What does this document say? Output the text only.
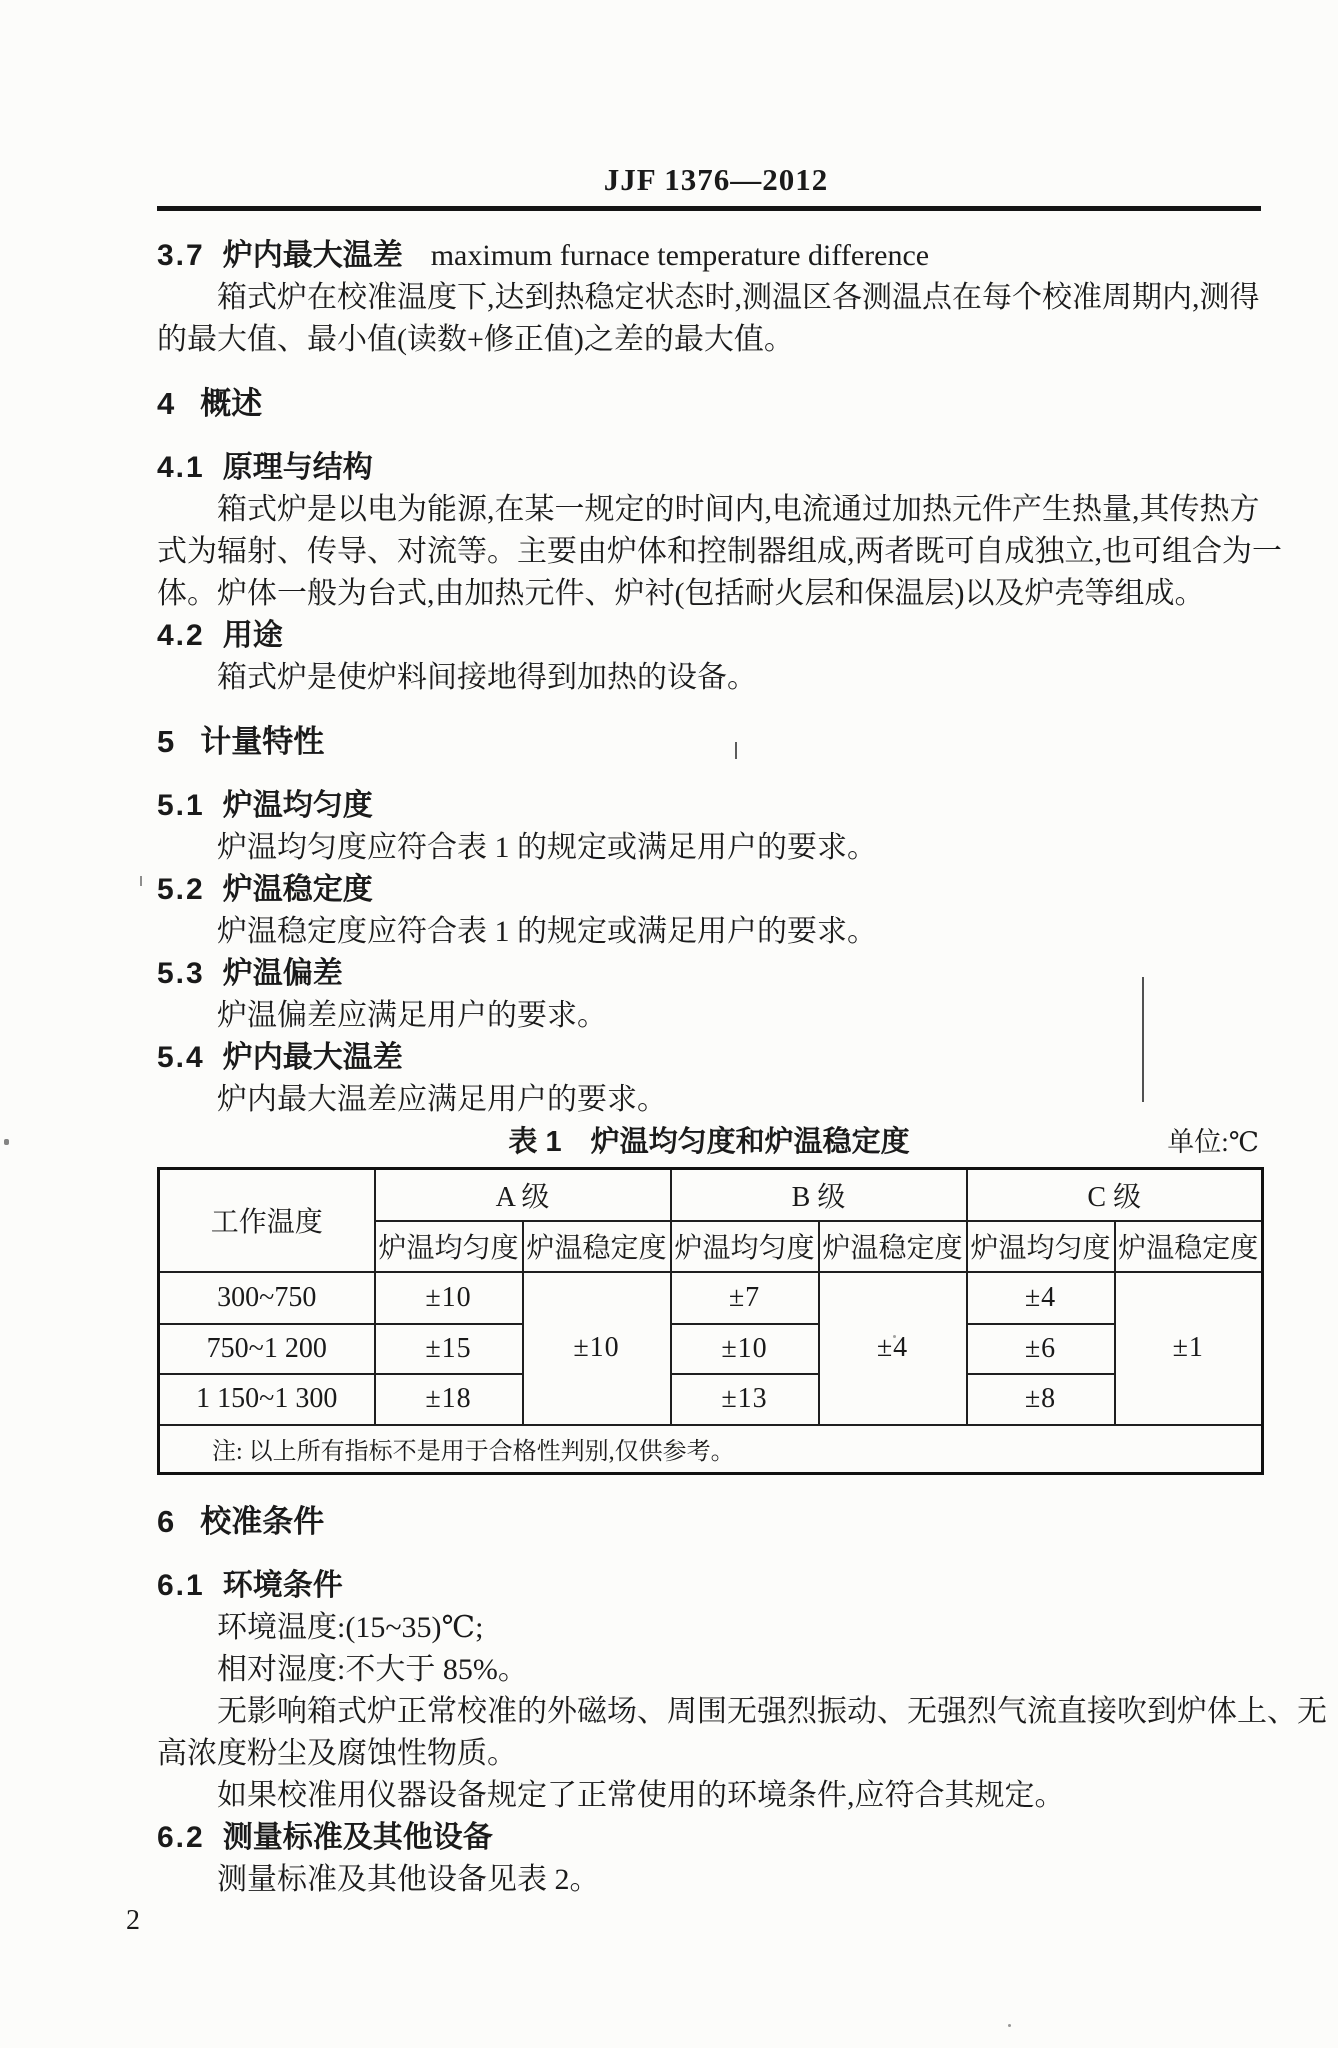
JJF 1376—2012
3.7 炉内最大温差 maximum furnace temperature difference
箱式炉在校准温度下,达到热稳定状态时,测温区各测温点在每个校准周期内,测得
的最大值、最小值(读数+修正值)之差的最大值。
4 概述
4.1 原理与结构
箱式炉是以电为能源,在某一规定的时间内,电流通过加热元件产生热量,其传热方
式为辐射、传导、对流等。主要由炉体和控制器组成,两者既可自成独立,也可组合为一
体。炉体一般为台式,由加热元件、炉衬(包括耐火层和保温层)以及炉壳等组成。
4.2 用途
箱式炉是使炉料间接地得到加热的设备。
5 计量特性
5.1 炉温均匀度
炉温均匀度应符合表 1 的规定或满足用户的要求。
5.2 炉温稳定度
炉温稳定度应符合表 1 的规定或满足用户的要求。
5.3 炉温偏差
炉温偏差应满足用户的要求。
5.4 炉内最大温差
炉内最大温差应满足用户的要求。
表 1　炉温均匀度和炉温稳定度	单位:℃
工作温度	A 级		B 级		C 级	
	炉温均匀度	炉温稳定度	炉温均匀度	炉温稳定度	炉温均匀度	炉温稳定度
300~750	±10	±10	±7	±4	±4	±1
750~1 200	±15		±10		±6	
1 150~1 300	±18		±13		±8	
注: 以上所有指标不是用于合格性判别,仅供参考。						
6 校准条件
6.1 环境条件
环境温度:(15~35)℃;
相对湿度:不大于 85%。
无影响箱式炉正常校准的外磁场、周围无强烈振动、无强烈气流直接吹到炉体上、无
高浓度粉尘及腐蚀性物质。
如果校准用仪器设备规定了正常使用的环境条件,应符合其规定。
6.2 测量标准及其他设备
测量标准及其他设备见表 2。
2
